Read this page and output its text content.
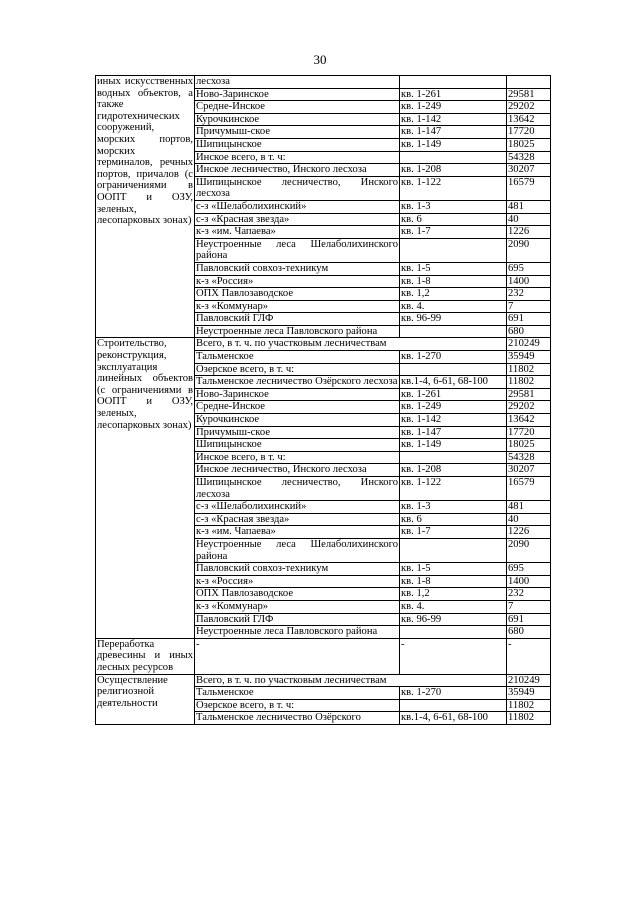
30
иных искусственных водных объектов, а также гидротехнических сооружений, морских портов, морских терминалов, речных портов, причалов (с ограничениями в ООПТ и ОЗУ, зеленых, лесопарковых зонах)	лесхоза		
	Ново-Заринское	кв. 1-261	29581
	Средне-Инское	кв. 1-249	29202
	Курочкинское	кв. 1-142	13642
	Причумыш-ское	кв. 1-147	17720
	Шипицынское	кв. 1-149	18025
	Инское всего, в т. ч:		54328
	Инское лесничество, Инского лесхоза	кв. 1-208	30207
	Шипицынское лесничество, Инского лесхоза	кв. 1-122	16579
	с-з «Шелаболихинский»	кв. 1-3	481
	с-з «Красная звезда»	кв. 6	40
	к-з «им. Чапаева»	кв. 1-7	1226
	Неустроенные леса Шелаболихинского района		2090
	Павловский совхоз-техникум	кв. 1-5	695
	к-з «Россия»	кв. 1-8	1400
	ОПХ Павлозаводское	кв. 1,2	232
	к-з «Коммунар»	кв. 4.	7
	Павловский ГЛФ	кв. 96-99	691
	Неустроенные леса Павловского района		680
Строительство, реконструкция, эксплуатация линейных объектов (с ограничениями в ООПТ и ОЗУ, зеленых, лесопарковых зонах)	Всего, в т. ч. по участковым лесничествам		210249
	Тальменское	кв. 1-270	35949
	Озерское всего, в т. ч:		11802
	Тальменское лесничество Озёрского лесхоза	кв.1-4, 6-61, 68-100	11802
	Ново-Заринское	кв. 1-261	29581
	Средне-Инское	кв. 1-249	29202
	Курочкинское	кв. 1-142	13642
	Причумыш-ское	кв. 1-147	17720
	Шипицынское	кв. 1-149	18025
	Инское всего, в т. ч:		54328
	Инское лесничество, Инского лесхоза	кв. 1-208	30207
	Шипицынское лесничество, Инского лесхоза	кв. 1-122	16579
	с-з «Шелаболихинский»	кв. 1-3	481
	с-з «Красная звезда»	кв. 6	40
	к-з «им. Чапаева»	кв. 1-7	1226
	Неустроенные леса Шелаболихинского района		2090
	Павловский совхоз-техникум	кв. 1-5	695
	к-з «Россия»	кв. 1-8	1400
	ОПХ Павлозаводское	кв. 1,2	232
	к-з «Коммунар»	кв. 4.	7
	Павловский ГЛФ	кв. 96-99	691
	Неустроенные леса Павловского района		680
Переработка древесины и иных лесных ресурсов	-	-	-
Осуществление религиозной деятельности	Всего, в т. ч. по участковым лесничествам		210249
	Тальменское	кв. 1-270	35949
	Озерское всего, в т. ч:		11802
	Тальменское лесничество Озёрского	кв.1-4, 6-61, 68-100	11802
